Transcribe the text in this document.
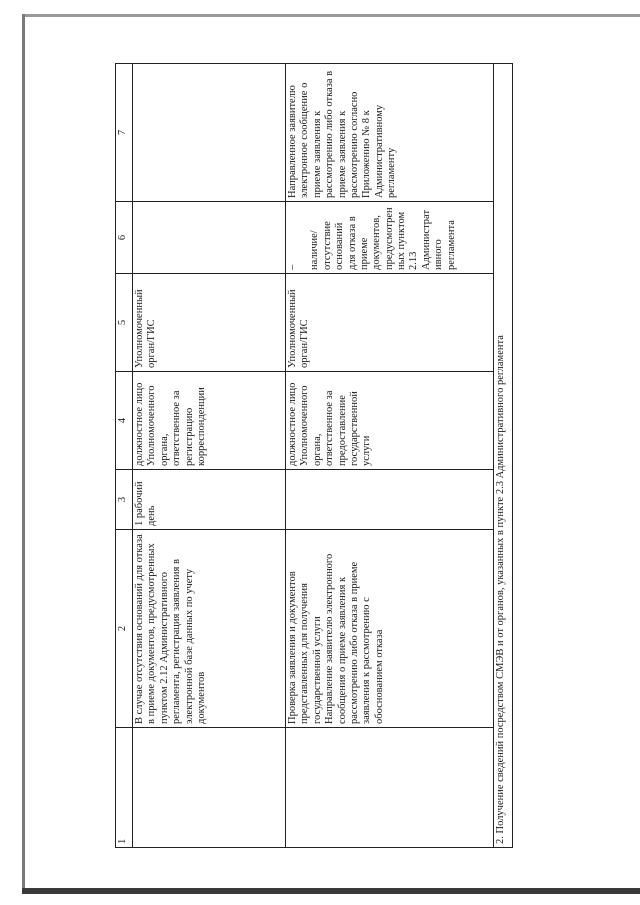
1	2	3	4	5	6	7
	В случае отсутствия оснований для отказа в приеме документов, предусмотренных пунктом 2.12 Административного регламента, регистрация заявления в электронной базе данных по учету документов	1 рабочий день	должностное лицо Уполномоченного органа, ответственное за регистрацию корреспонденции	Уполномоченный орган/ГИС		

	Проверка заявления и документов представленных для получения государственной услуги Направление заявителю электронного сообщения о приеме заявления к рассмотрению либо отказа в приеме заявления к рассмотрению с обоснованием отказа		должностное лицо Уполномоченного органа, ответственное за предоставление государственной услуги	Уполномоченный орган/ГИС	– наличие/отсутствие оснований для отказа в приеме документов, предусмотренных пунктом 2.13 Административного регламента	Направленное заявителю электронное сообщение о приеме заявления к рассмотрению либо отказа в приеме заявления к рассмотрению согласно Приложению № 8 к Административному регламенту
2. Получение сведений посредством СМЭВ и от органов, указанных в пункте 2.3 Административного регламента						
